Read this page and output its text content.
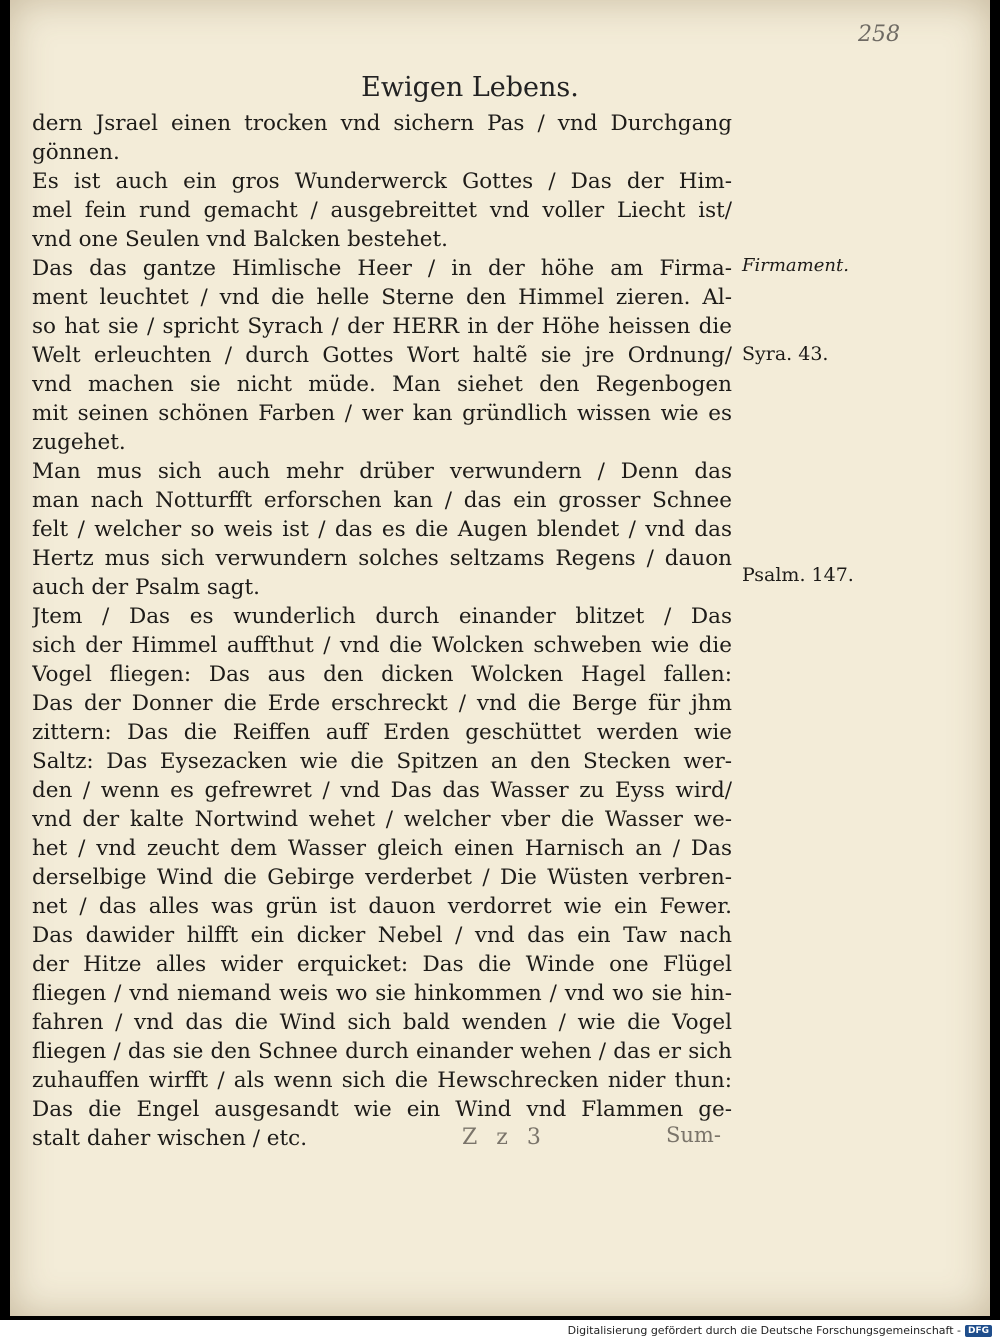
258
Ewigen Lebens.
dern Jsrael einen trocken vnd sichern Pas / vnd Durchgang
gönnen.
Es ist auch ein gros Wunderwerck Gottes / Das der Him-
mel fein rund gemacht / ausgebreittet vnd voller Liecht ist/
vnd one Seulen vnd Balcken bestehet.
Das das gantze Himlische Heer / in der höhe am Firma-
ment leuchtet / vnd die helle Sterne den Himmel zieren. Al-
so hat sie / spricht Syrach / der HERR in der Höhe heissen die
Welt erleuchten / durch Gottes Wort haltẽ sie jre Ordnung/
vnd machen sie nicht müde. Man siehet den Regenbogen
mit seinen schönen Farben / wer kan gründlich wissen wie es
zugehet.
Man mus sich auch mehr drüber verwundern / Denn das
man nach Notturfft erforschen kan / das ein grosser Schnee
felt / welcher so weis ist / das es die Augen blendet / vnd das
Hertz mus sich verwundern solches seltzams Regens / dauon
auch der Psalm sagt.
Jtem / Das es wunderlich durch einander blitzet / Das
sich der Himmel auffthut / vnd die Wolcken schweben wie die
Vogel fliegen: Das aus den dicken Wolcken Hagel fallen:
Das der Donner die Erde erschreckt / vnd die Berge für jhm
zittern: Das die Reiffen auff Erden geschüttet werden wie
Saltz: Das Eysezacken wie die Spitzen an den Stecken wer-
den / wenn es gefrewret / vnd Das das Wasser zu Eyss wird/
vnd der kalte Nortwind wehet / welcher vber die Wasser we-
het / vnd zeucht dem Wasser gleich einen Harnisch an / Das
derselbige Wind die Gebirge verderbet / Die Wüsten verbren-
net / das alles was grün ist dauon verdorret wie ein Fewer.
Das dawider hilfft ein dicker Nebel / vnd das ein Taw nach
der Hitze alles wider erquicket: Das die Winde one Flügel
fliegen / vnd niemand weis wo sie hinkommen / vnd wo sie hin-
fahren / vnd das die Wind sich bald wenden / wie die Vogel
fliegen / das sie den Schnee durch einander wehen / das er sich
zuhauffen wirfft / als wenn sich die Hewschrecken nider thun:
Das die Engel ausgesandt wie ein Wind vnd Flammen ge-
stalt daher wischen / etc.
Firmament.
Syra. 43.
Psalm. 147.
Z z 3	Sum-
Digitalisierung gefördert durch die Deutsche Forschungsgemeinschaft - DFG
